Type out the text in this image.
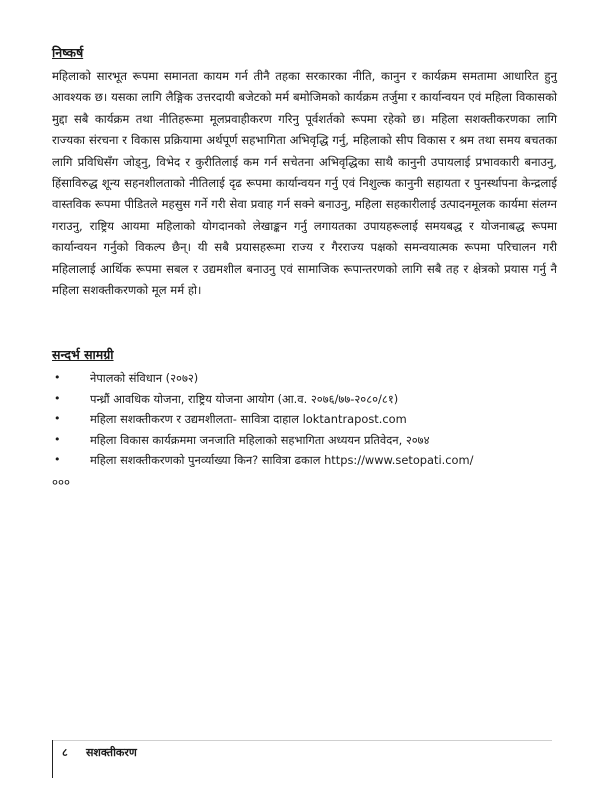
निष्कर्ष

महिलाको सारभूत रूपमा समानता कायम गर्न तीनै तहका सरकारका नीति, कानुन र कार्यक्रम समतामा आधारित हुनु आवश्यक छ। यसका लागि लैङ्गिक उत्तरदायी बजेटको मर्म बमोजिमको कार्यक्रम तर्जुमा र कार्यान्वयन एवं महिला विकासको मुद्दा सबै कार्यक्रम तथा नीतिहरूमा मूलप्रवाहीकरण गरिनु पूर्वशर्तको रूपमा रहेको छ। महिला सशक्तीकरणका लागि राज्यका संरचना र विकास प्रक्रियामा अर्थपूर्ण सहभागिता अभिवृद्धि गर्नु, महिलाको सीप विकास र श्रम तथा समय बचतका लागि प्रविधिसँग जोड्नु, विभेद र कुरीतिलाई कम गर्न सचेतना अभिवृद्धिका साथै कानुनी उपायलाई प्रभावकारी बनाउनु, हिंसाविरुद्ध शून्य सहनशीलताको नीतिलाई दृढ रूपमा कार्यान्वयन गर्नु एवं निशुल्क कानुनी सहायता र पुनर्स्थापना केन्द्रलाई वास्तविक रूपमा पीडितले महसुस गर्ने गरी सेवा प्रवाह गर्न सक्ने बनाउनु, महिला सहकारीलाई उत्पादनमूलक कार्यमा संलग्न गराउनु, राष्ट्रिय आयमा महिलाको योगदानको लेखाङ्कन गर्नु लगायतका उपायहरूलाई समयबद्ध र योजनाबद्ध रूपमा कार्यान्वयन गर्नुको विकल्प छैन्। यी सबै प्रयासहरूमा राज्य र गैरराज्य पक्षको समन्वयात्मक रूपमा परिचालन गरी महिलालाई आर्थिक रूपमा सबल र उद्यमशील बनाउनु एवं सामाजिक रूपान्तरणको लागि सबै तह र क्षेत्रको प्रयास गर्नु नै महिला सशक्तीकरणको मूल मर्म हो।

सन्दर्भ सामग्री
•	नेपालको संविधान (२०७२)
•	पन्ध्रौं आवधिक योजना, राष्ट्रिय योजना आयोग (आ.व. २०७६/७७-२०८०/८१)
•	महिला सशक्तीकरण र उद्यमशीलता- सावित्रा दाहाल loktantrapost.com
•	महिला विकास कार्यक्रममा जनजाति महिलाको सहभागिता अध्ययन प्रतिवेदन, २०७४
•	महिला सशक्तीकरणको पुनर्व्याख्या किन? सावित्रा ढकाल https://www.setopati.com/

०००

८ सशक्तीकरण
